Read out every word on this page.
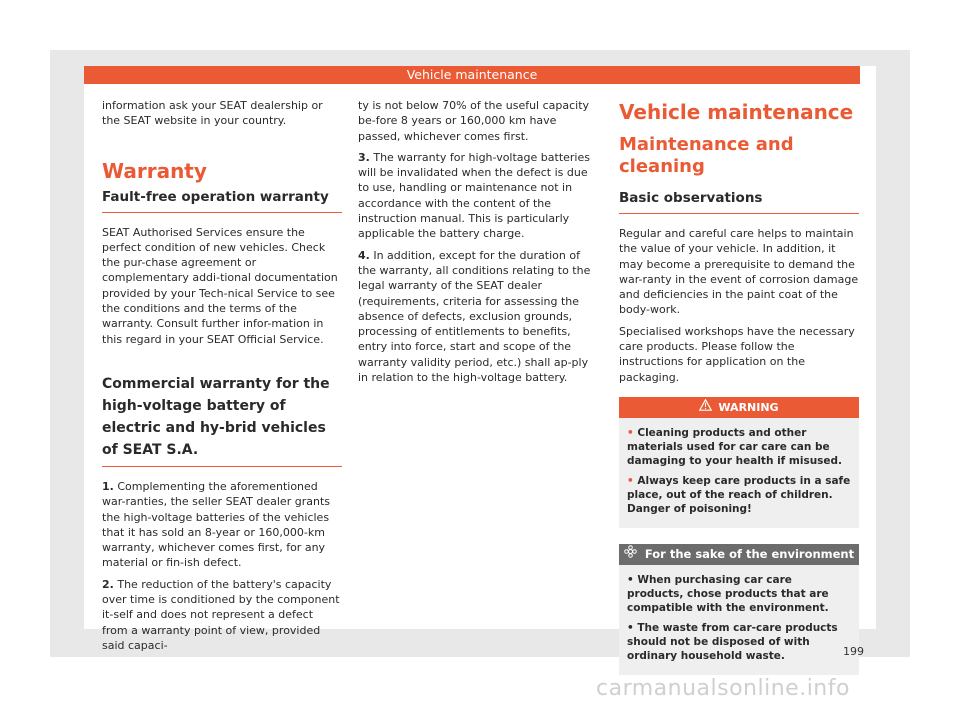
Vehicle maintenance

information ask your SEAT dealership or the SEAT website in your country.

Warranty
Fault-free operation warranty

SEAT Authorised Services ensure the perfect condition of new vehicles. Check the pur-chase agreement or complementary addi-tional documentation provided by your Tech-nical Service to see the conditions and the terms of the warranty. Consult further infor-mation in this regard in your SEAT Official Service.

Commercial warranty for the high-voltage battery of electric and hy-brid vehicles of SEAT S.A.

1. Complementing the aforementioned war-ranties, the seller SEAT dealer grants the high-voltage batteries of the vehicles that it has sold an 8-year or 160,000-km warranty, whichever comes first, for any material or fin-ish defect.

2. The reduction of the battery's capacity over time is conditioned by the component it-self and does not represent a defect from a warranty point of view, provided said capaci-

ty is not below 70% of the useful capacity be-fore 8 years or 160,000 km have passed, whichever comes first.

3. The warranty for high-voltage batteries will be invalidated when the defect is due to use, handling or maintenance not in accordance with the content of the instruction manual. This is particularly applicable the battery charge.

4. In addition, except for the duration of the warranty, all conditions relating to the legal warranty of the SEAT dealer (requirements, criteria for assessing the absence of defects, exclusion grounds, processing of entitlements to benefits, entry into force, start and scope of the warranty validity period, etc.) shall ap-ply in relation to the high-voltage battery.

Vehicle maintenance
Maintenance and cleaning
Basic observations

Regular and careful care helps to maintain the value of your vehicle. In addition, it may become a prerequisite to demand the war-ranty in the event of corrosion damage and deficiencies in the paint coat of the body-work.

Specialised workshops have the necessary care products. Please follow the instructions for application on the packaging.

WARNING
• Cleaning products and other materials used for car care can be damaging to your health if misused.
• Always keep care products in a safe place, out of the reach of children. Danger of poisoning!
For the sake of the environment
• When purchasing car care products, chose products that are compatible with the environment.
• The waste from car-care products should not be disposed of with ordinary household waste.	199
carmanualsonline.info
